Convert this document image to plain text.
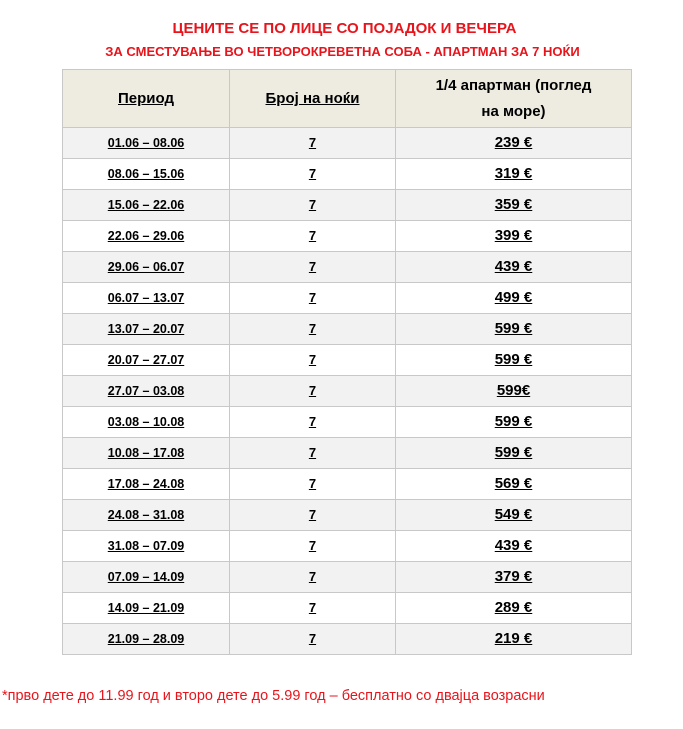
ЦЕНИТЕ СЕ ПО ЛИЦЕ СО ПОЈАДОК И ВЕЧЕРА
ЗА СМЕСТУВАЊЕ ВО ЧЕТВОРОКРЕВЕТНА СОБА - АПАРТМАН ЗА 7 НОЌИ
Период	Број на ноќи	1/4 апартман (поглед
на море)

01.06 – 08.06	7	239 €
08.06 – 15.06	7	319 €
15.06 – 22.06	7	359 €
22.06 – 29.06	7	399 €
29.06 – 06.07	7	439 €
06.07 – 13.07	7	499 €
13.07 – 20.07	7	599 €
20.07 – 27.07	7	599 €
27.07 – 03.08	7	599€
03.08 – 10.08	7	599 €
10.08 – 17.08	7	599 €
17.08 – 24.08	7	569 €
24.08 – 31.08	7	549 €
31.08 – 07.09	7	439 €
07.09 – 14.09	7	379 €
14.09 – 21.09	7	289 €
21.09 – 28.09	7	219 €
*прво дете до 11.99 год и второ дете до 5.99 год – бесплатно со двајца возрасни
